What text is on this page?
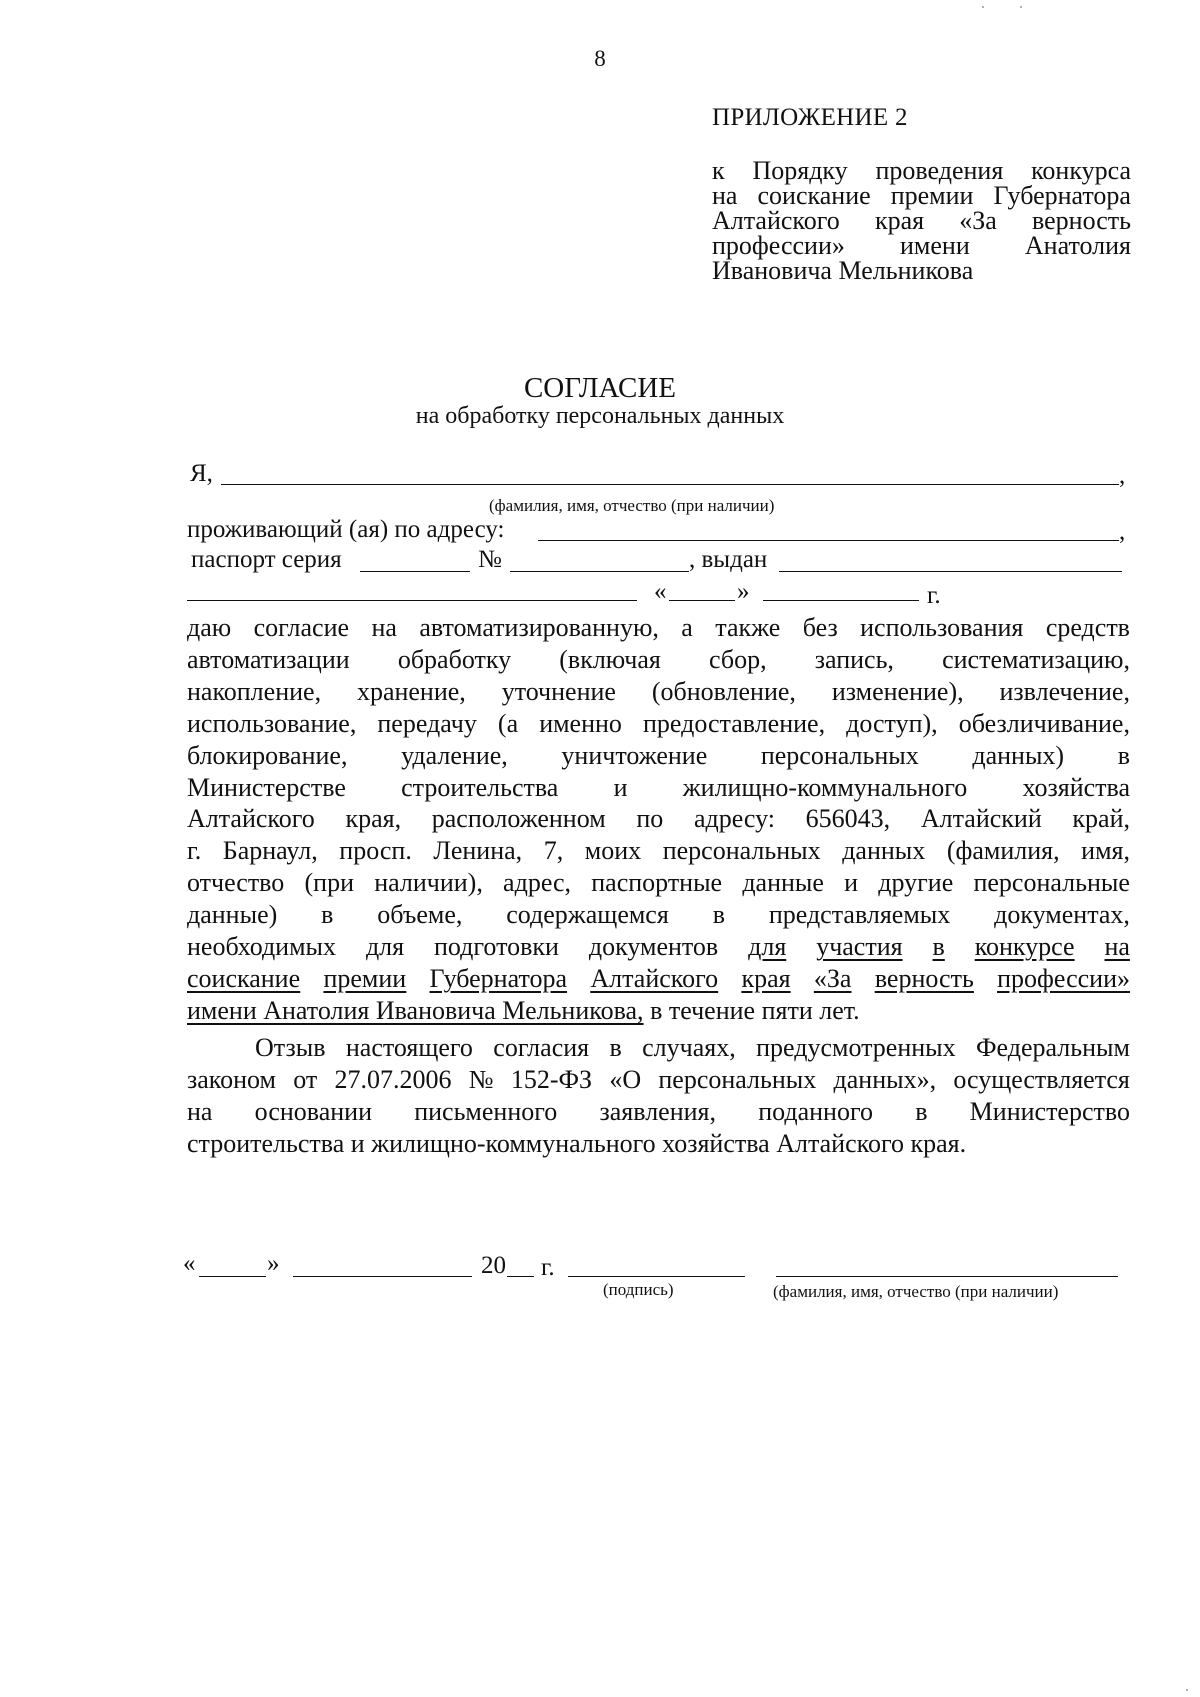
8
ПРИЛОЖЕНИЕ 2
к Порядку проведения конкурса
на соискание премии Губернатора
Алтайского края «За верность
профессии» имени Анатолия
Ивановича Мельникова
СОГЛАСИЕ
на обработку персональных данных
Я,	,
(фамилия, имя, отчество (при наличии)
проживающий (ая) по адресу:	,
паспорт серия	№	, выдан
«	»	г.
даю согласие на автоматизированную, а также без использования средств
автоматизации обработку (включая сбор, запись, систематизацию,
накопление, хранение, уточнение (обновление, изменение), извлечение,
использование, передачу (а именно предоставление, доступ), обезличивание,
блокирование, удаление, уничтожение персональных данных) в
Министерстве строительства и жилищно-коммунального хозяйства
Алтайского края, расположенном по адресу: 656043, Алтайский край,
г. Барнаул, просп. Ленина, 7, моих персональных данных (фамилия, имя,
отчество (при наличии), адрес, паспортные данные и другие персональные
данные) в объеме, содержащемся в представляемых документах,
необходимых для подготовки документов для участия в конкурсе на
соискание премии Губернатора Алтайского края «За верность профессии»
имени Анатолия Ивановича Мельникова, в течение пяти лет.
Отзыв настоящего согласия в случаях, предусмотренных Федеральным
законом от 27.07.2006 № 152-ФЗ «О персональных данных», осуществляется
на основании письменного заявления, поданного в Министерство
строительства и жилищно-коммунального хозяйства Алтайского края.
«	»	20 г.
(подпись)	(фамилия, имя, отчество (при наличии)
